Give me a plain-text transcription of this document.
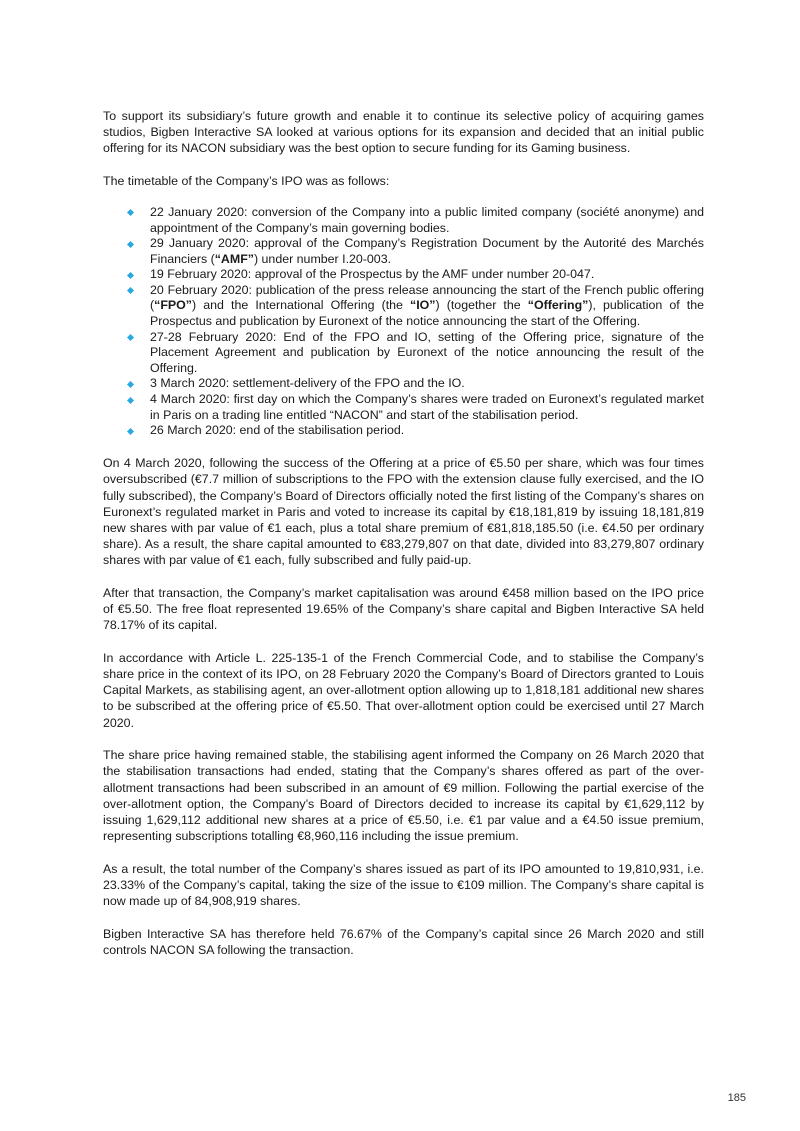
To support its subsidiary’s future growth and enable it to continue its selective policy of acquiring games studios, Bigben Interactive SA looked at various options for its expansion and decided that an initial public offering for its NACON subsidiary was the best option to secure funding for its Gaming business.

The timetable of the Company’s IPO was as follows:

22 January 2020: conversion of the Company into a public limited company (société anonyme) and appointment of the Company’s main governing bodies.
29 January 2020: approval of the Company’s Registration Document by the Autorité des Marchés Financiers (“AMF”) under number I.20-003.
19 February 2020: approval of the Prospectus by the AMF under number 20-047.
20 February 2020: publication of the press release announcing the start of the French public offering (“FPO”) and the International Offering (the “IO”) (together the “Offering”), publication of the Prospectus and publication by Euronext of the notice announcing the start of the Offering.
27-28 February 2020: End of the FPO and IO, setting of the Offering price, signature of the Placement Agreement and publication by Euronext of the notice announcing the result of the Offering.
3 March 2020: settlement-delivery of the FPO and the IO.
4 March 2020: first day on which the Company’s shares were traded on Euronext’s regulated market in Paris on a trading line entitled “NACON” and start of the stabilisation period.
26 March 2020: end of the stabilisation period.

On 4 March 2020, following the success of the Offering at a price of €5.50 per share, which was four times oversubscribed (€7.7 million of subscriptions to the FPO with the extension clause fully exercised, and the IO fully subscribed), the Company’s Board of Directors officially noted the first listing of the Company’s shares on Euronext’s regulated market in Paris and voted to increase its capital by €18,181,819 by issuing 18,181,819 new shares with par value of €1 each, plus a total share premium of €81,818,185.50 (i.e. €4.50 per ordinary share). As a result, the share capital amounted to €83,279,807 on that date, divided into 83,279,807 ordinary shares with par value of €1 each, fully subscribed and fully paid-up.

After that transaction, the Company’s market capitalisation was around €458 million based on the IPO price of €5.50. The free float represented 19.65% of the Company’s share capital and Bigben Interactive SA held 78.17% of its capital.

In accordance with Article L. 225-135-1 of the French Commercial Code, and to stabilise the Company’s share price in the context of its IPO, on 28 February 2020 the Company’s Board of Directors granted to Louis Capital Markets, as stabilising agent, an over-allotment option allowing up to 1,818,181 additional new shares to be subscribed at the offering price of €5.50. That over-allotment option could be exercised until 27 March 2020.

The share price having remained stable, the stabilising agent informed the Company on 26 March 2020 that the stabilisation transactions had ended, stating that the Company’s shares offered as part of the over-allotment transactions had been subscribed in an amount of €9 million. Following the partial exercise of the over-allotment option, the Company’s Board of Directors decided to increase its capital by €1,629,112 by issuing 1,629,112 additional new shares at a price of €5.50, i.e. €1 par value and a €4.50 issue premium, representing subscriptions totalling €8,960,116 including the issue premium.

As a result, the total number of the Company’s shares issued as part of its IPO amounted to 19,810,931, i.e. 23.33% of the Company’s capital, taking the size of the issue to €109 million. The Company’s share capital is now made up of 84,908,919 shares.

Bigben Interactive SA has therefore held 76.67% of the Company’s capital since 26 March 2020 and still controls NACON SA following the transaction.

185
